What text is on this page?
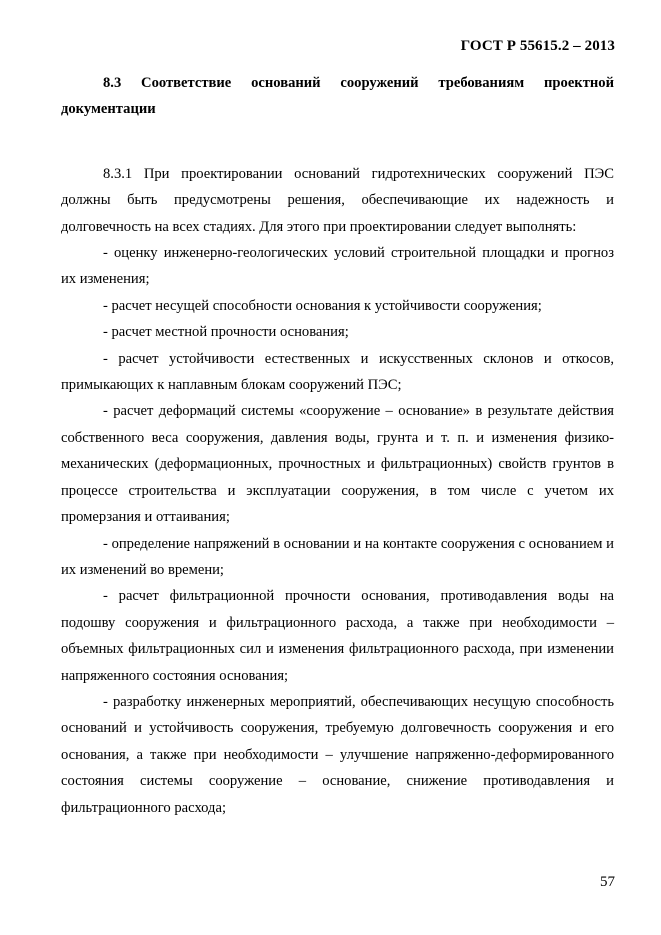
ГОСТ Р 55615.2 – 2013

8.3 Соответствие оснований сооружений требованиям проектной документации

8.3.1 При проектировании оснований гидротехнических сооружений ПЭС должны быть предусмотрены решения, обеспечивающие их надежность и долговечность на всех стадиях. Для этого при проектировании следует выполнять:

- оценку инженерно-геологических условий строительной площадки и прогноз их изменения;

- расчет несущей способности основания к устойчивости сооружения;

- расчет местной прочности основания;

- расчет устойчивости естественных и искусственных склонов и откосов, примыкающих к наплавным блокам сооружений ПЭС;

- расчет деформаций системы «сооружение – основание» в результате действия собственного веса сооружения, давления воды, грунта и т. п. и изменения физико-механических (деформационных, прочностных и фильтрационных) свойств грунтов в процессе строительства и эксплуатации сооружения, в том числе с учетом их промерзания и оттаивания;

- определение напряжений в основании и на контакте сооружения с основанием и их изменений во времени;

- расчет фильтрационной прочности основания, противодавления воды на подошву сооружения и фильтрационного расхода, а также при необходимости – объемных фильтрационных сил и изменения фильтрационного расхода, при изменении напряженного состояния основания;

- разработку инженерных мероприятий, обеспечивающих несущую способность оснований и устойчивость сооружения, требуемую долговечность сооружения и его основания, а также при необходимости – улучшение напряженно-деформированного состояния системы сооружение – основание, снижение противодавления и фильтрационного расхода;

57
